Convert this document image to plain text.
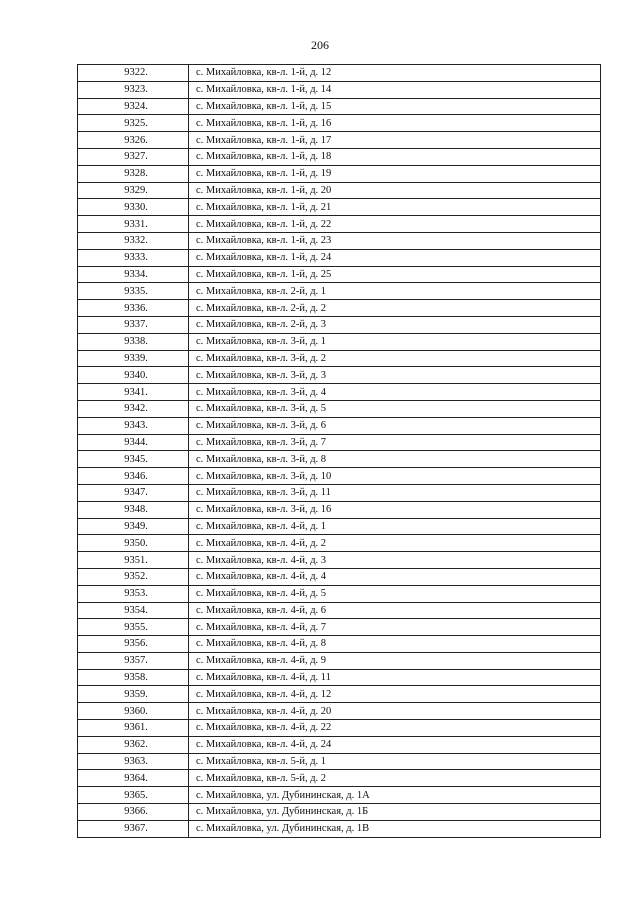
206
9322.	с. Михайловка, кв-л. 1-й, д. 12
9323.	с. Михайловка, кв-л. 1-й, д. 14
9324.	с. Михайловка, кв-л. 1-й, д. 15
9325.	с. Михайловка, кв-л. 1-й, д. 16
9326.	с. Михайловка, кв-л. 1-й, д. 17
9327.	с. Михайловка, кв-л. 1-й, д. 18
9328.	с. Михайловка, кв-л. 1-й, д. 19
9329.	с. Михайловка, кв-л. 1-й, д. 20
9330.	с. Михайловка, кв-л. 1-й, д. 21
9331.	с. Михайловка, кв-л. 1-й, д. 22
9332.	с. Михайловка, кв-л. 1-й, д. 23
9333.	с. Михайловка, кв-л. 1-й, д. 24
9334.	с. Михайловка, кв-л. 1-й, д. 25
9335.	с. Михайловка, кв-л. 2-й, д. 1
9336.	с. Михайловка, кв-л. 2-й, д. 2
9337.	с. Михайловка, кв-л. 2-й, д. 3
9338.	с. Михайловка, кв-л. 3-й, д. 1
9339.	с. Михайловка, кв-л. 3-й, д. 2
9340.	с. Михайловка, кв-л. 3-й, д. 3
9341.	с. Михайловка, кв-л. 3-й, д. 4
9342.	с. Михайловка, кв-л. 3-й, д. 5
9343.	с. Михайловка, кв-л. 3-й, д. 6
9344.	с. Михайловка, кв-л. 3-й, д. 7
9345.	с. Михайловка, кв-л. 3-й, д. 8
9346.	с. Михайловка, кв-л. 3-й, д. 10
9347.	с. Михайловка, кв-л. 3-й, д. 11
9348.	с. Михайловка, кв-л. 3-й, д. 16
9349.	с. Михайловка, кв-л. 4-й, д. 1
9350.	с. Михайловка, кв-л. 4-й, д. 2
9351.	с. Михайловка, кв-л. 4-й, д. 3
9352.	с. Михайловка, кв-л. 4-й, д. 4
9353.	с. Михайловка, кв-л. 4-й, д. 5
9354.	с. Михайловка, кв-л. 4-й, д. 6
9355.	с. Михайловка, кв-л. 4-й, д. 7
9356.	с. Михайловка, кв-л. 4-й, д. 8
9357.	с. Михайловка, кв-л. 4-й, д. 9
9358.	с. Михайловка, кв-л. 4-й, д. 11
9359.	с. Михайловка, кв-л. 4-й, д. 12
9360.	с. Михайловка, кв-л. 4-й, д. 20
9361.	с. Михайловка, кв-л. 4-й, д. 22
9362.	с. Михайловка, кв-л. 4-й, д. 24
9363.	с. Михайловка, кв-л. 5-й, д. 1
9364.	с. Михайловка, кв-л. 5-й, д. 2
9365.	с. Михайловка, ул. Дубининская, д. 1А
9366.	с. Михайловка, ул. Дубининская, д. 1Б
9367.	с. Михайловка, ул. Дубининская, д. 1В
